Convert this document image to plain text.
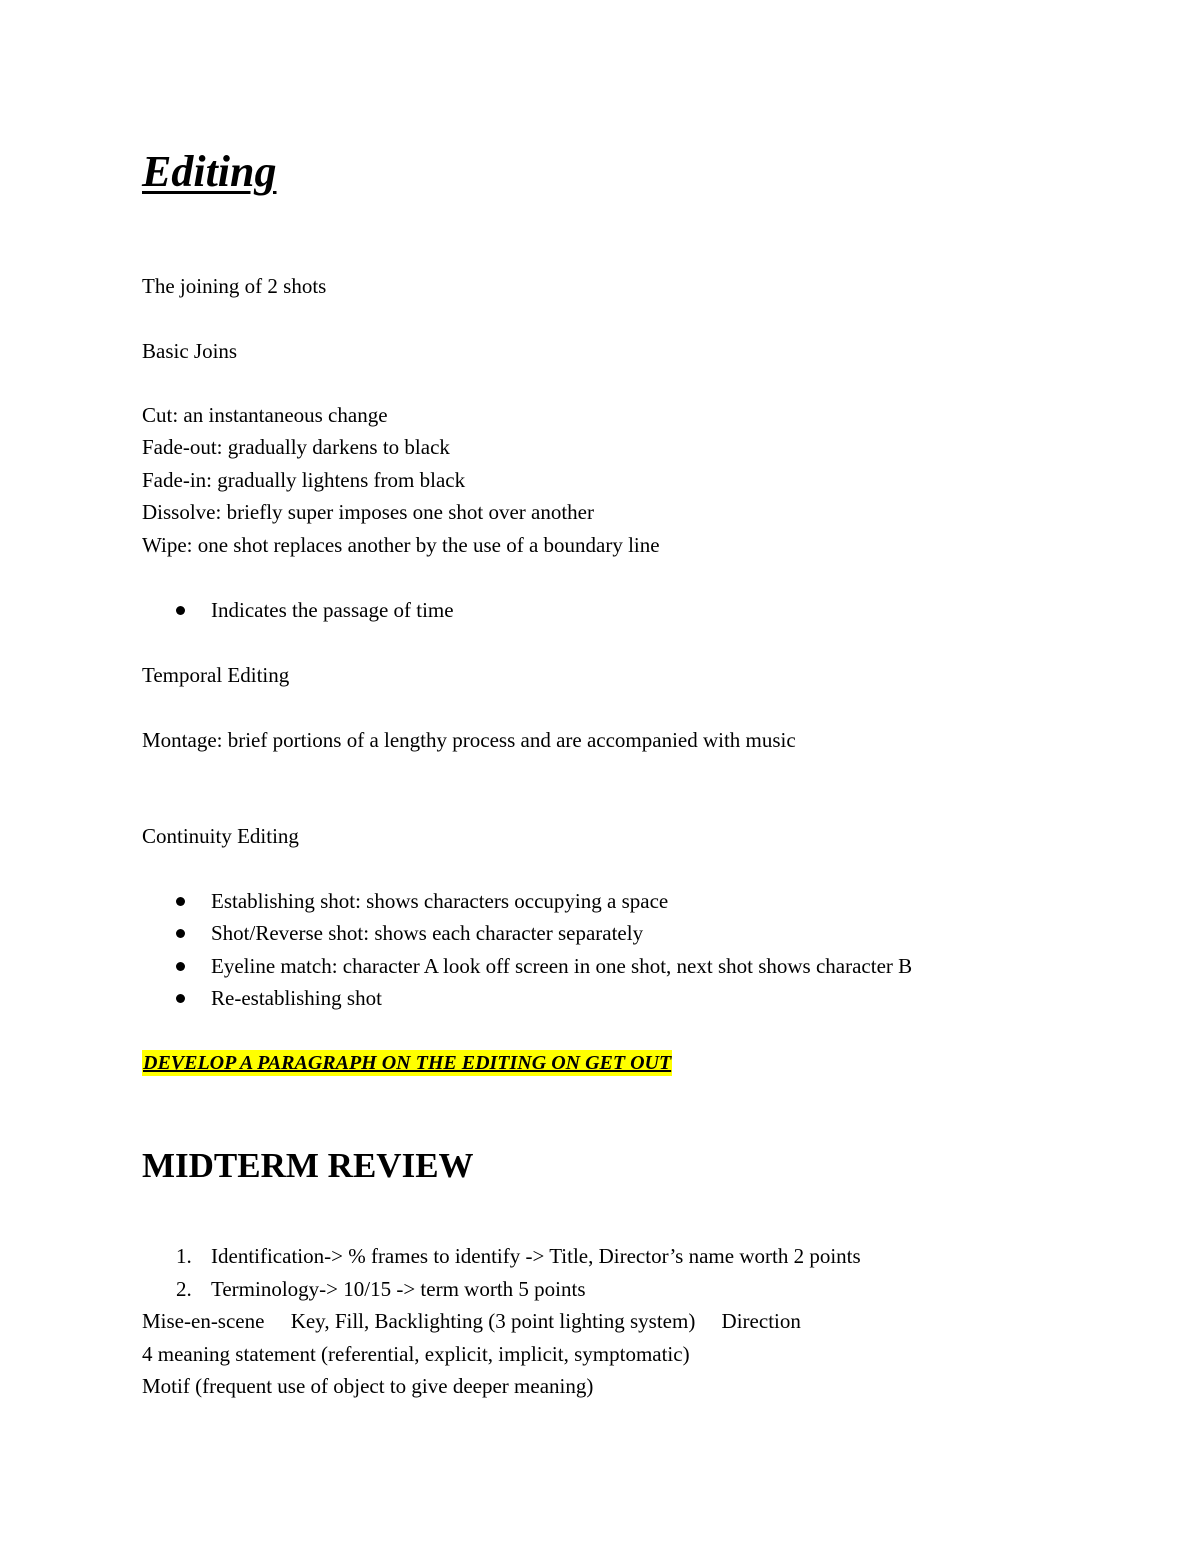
Editing
The joining of 2 shots
Basic Joins
Cut: an instantaneous change
Fade-out: gradually darkens to black
Fade-in: gradually lightens from black
Dissolve: briefly super imposes one shot over another
Wipe: one shot replaces another by the use of a boundary line
Indicates the passage of time
Temporal Editing
Montage: brief portions of a lengthy process and are accompanied with music
Continuity Editing
Establishing shot: shows characters occupying a space
Shot/Reverse shot: shows each character separately
Eyeline match: character A look off screen in one shot, next shot shows character B
Re-establishing shot
DEVELOP A PARAGRAPH ON THE EDITING ON GET OUT
MIDTERM REVIEW
1. Identification-> % frames to identify -> Title, Director’s name worth 2 points
2. Terminology-> 10/15 -> term worth 5 points
Mise-en-scene     Key, Fill, Backlighting (3 point lighting system)     Direction
4 meaning statement (referential, explicit, implicit, symptomatic)
Motif (frequent use of object to give deeper meaning)
